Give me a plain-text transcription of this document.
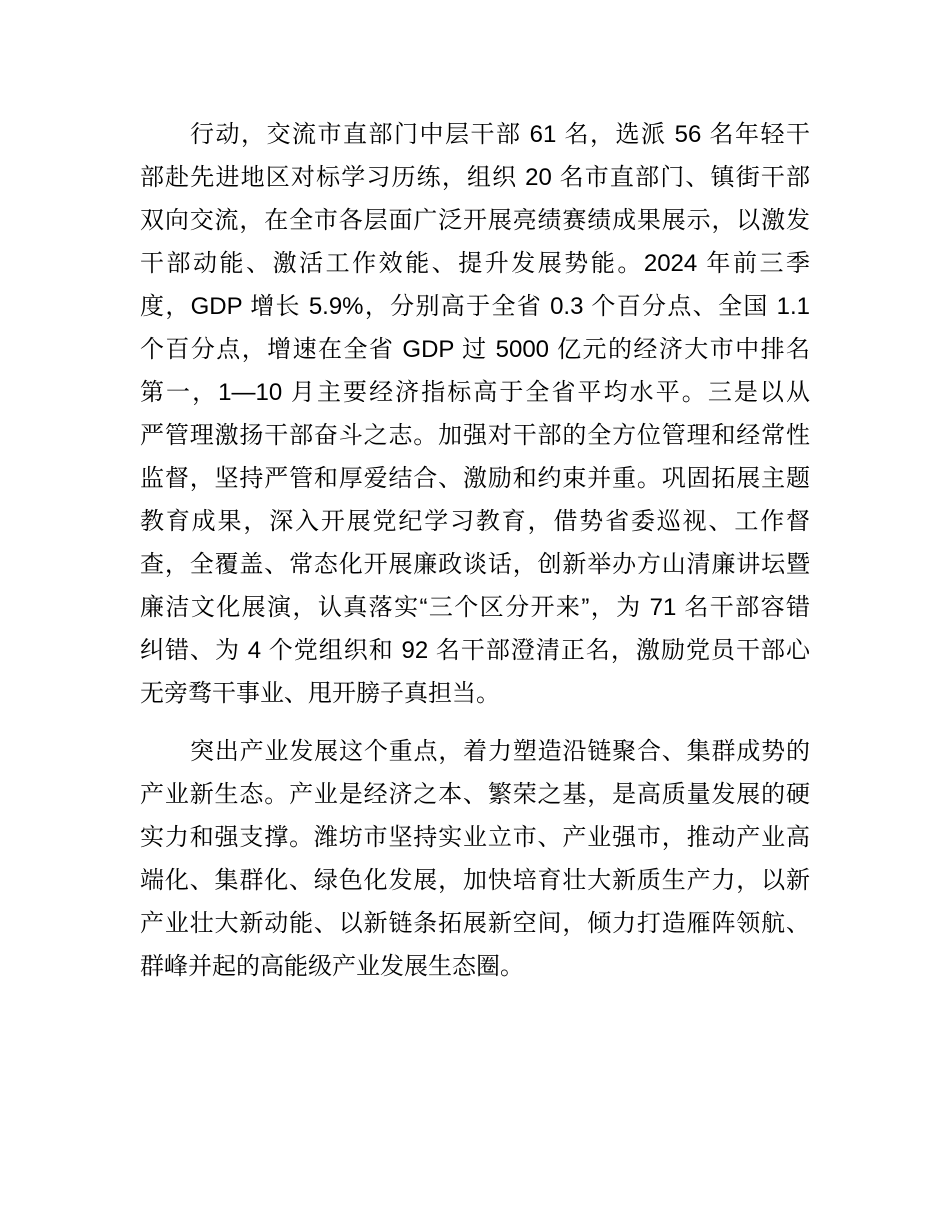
行动，交流市直部门中层干部 61 名，选派 56 名年轻干
部赴先进地区对标学习历练，组织 20 名市直部门、镇街干部
双向交流，在全市各层面广泛开展亮绩赛绩成果展示，以激发
干部动能、激活工作效能、提升发展势能。2024 年前三季
度，GDP 增长 5.9%，分别高于全省 0.3 个百分点、全国 1.1
个百分点，增速在全省 GDP 过 5000 亿元的经济大市中排名
第一，1—10 月主要经济指标高于全省平均水平。三是以从
严管理激扬干部奋斗之志。加强对干部的全方位管理和经常性
监督，坚持严管和厚爱结合、激励和约束并重。巩固拓展主题
教育成果，深入开展党纪学习教育，借势省委巡视、工作督
查，全覆盖、常态化开展廉政谈话，创新举办方山清廉讲坛暨
廉洁文化展演，认真落实“三个区分开来”，为 71 名干部容错
纠错、为 4 个党组织和 92 名干部澄清正名，激励党员干部心
无旁骛干事业、甩开膀子真担当。
突出产业发展这个重点，着力塑造沿链聚合、集群成势的
产业新生态。产业是经济之本、繁荣之基，是高质量发展的硬
实力和强支撑。潍坊市坚持实业立市、产业强市，推动产业高
端化、集群化、绿色化发展，加快培育壮大新质生产力，以新
产业壮大新动能、以新链条拓展新空间，倾力打造雁阵领航、
群峰并起的高能级产业发展生态圈。
